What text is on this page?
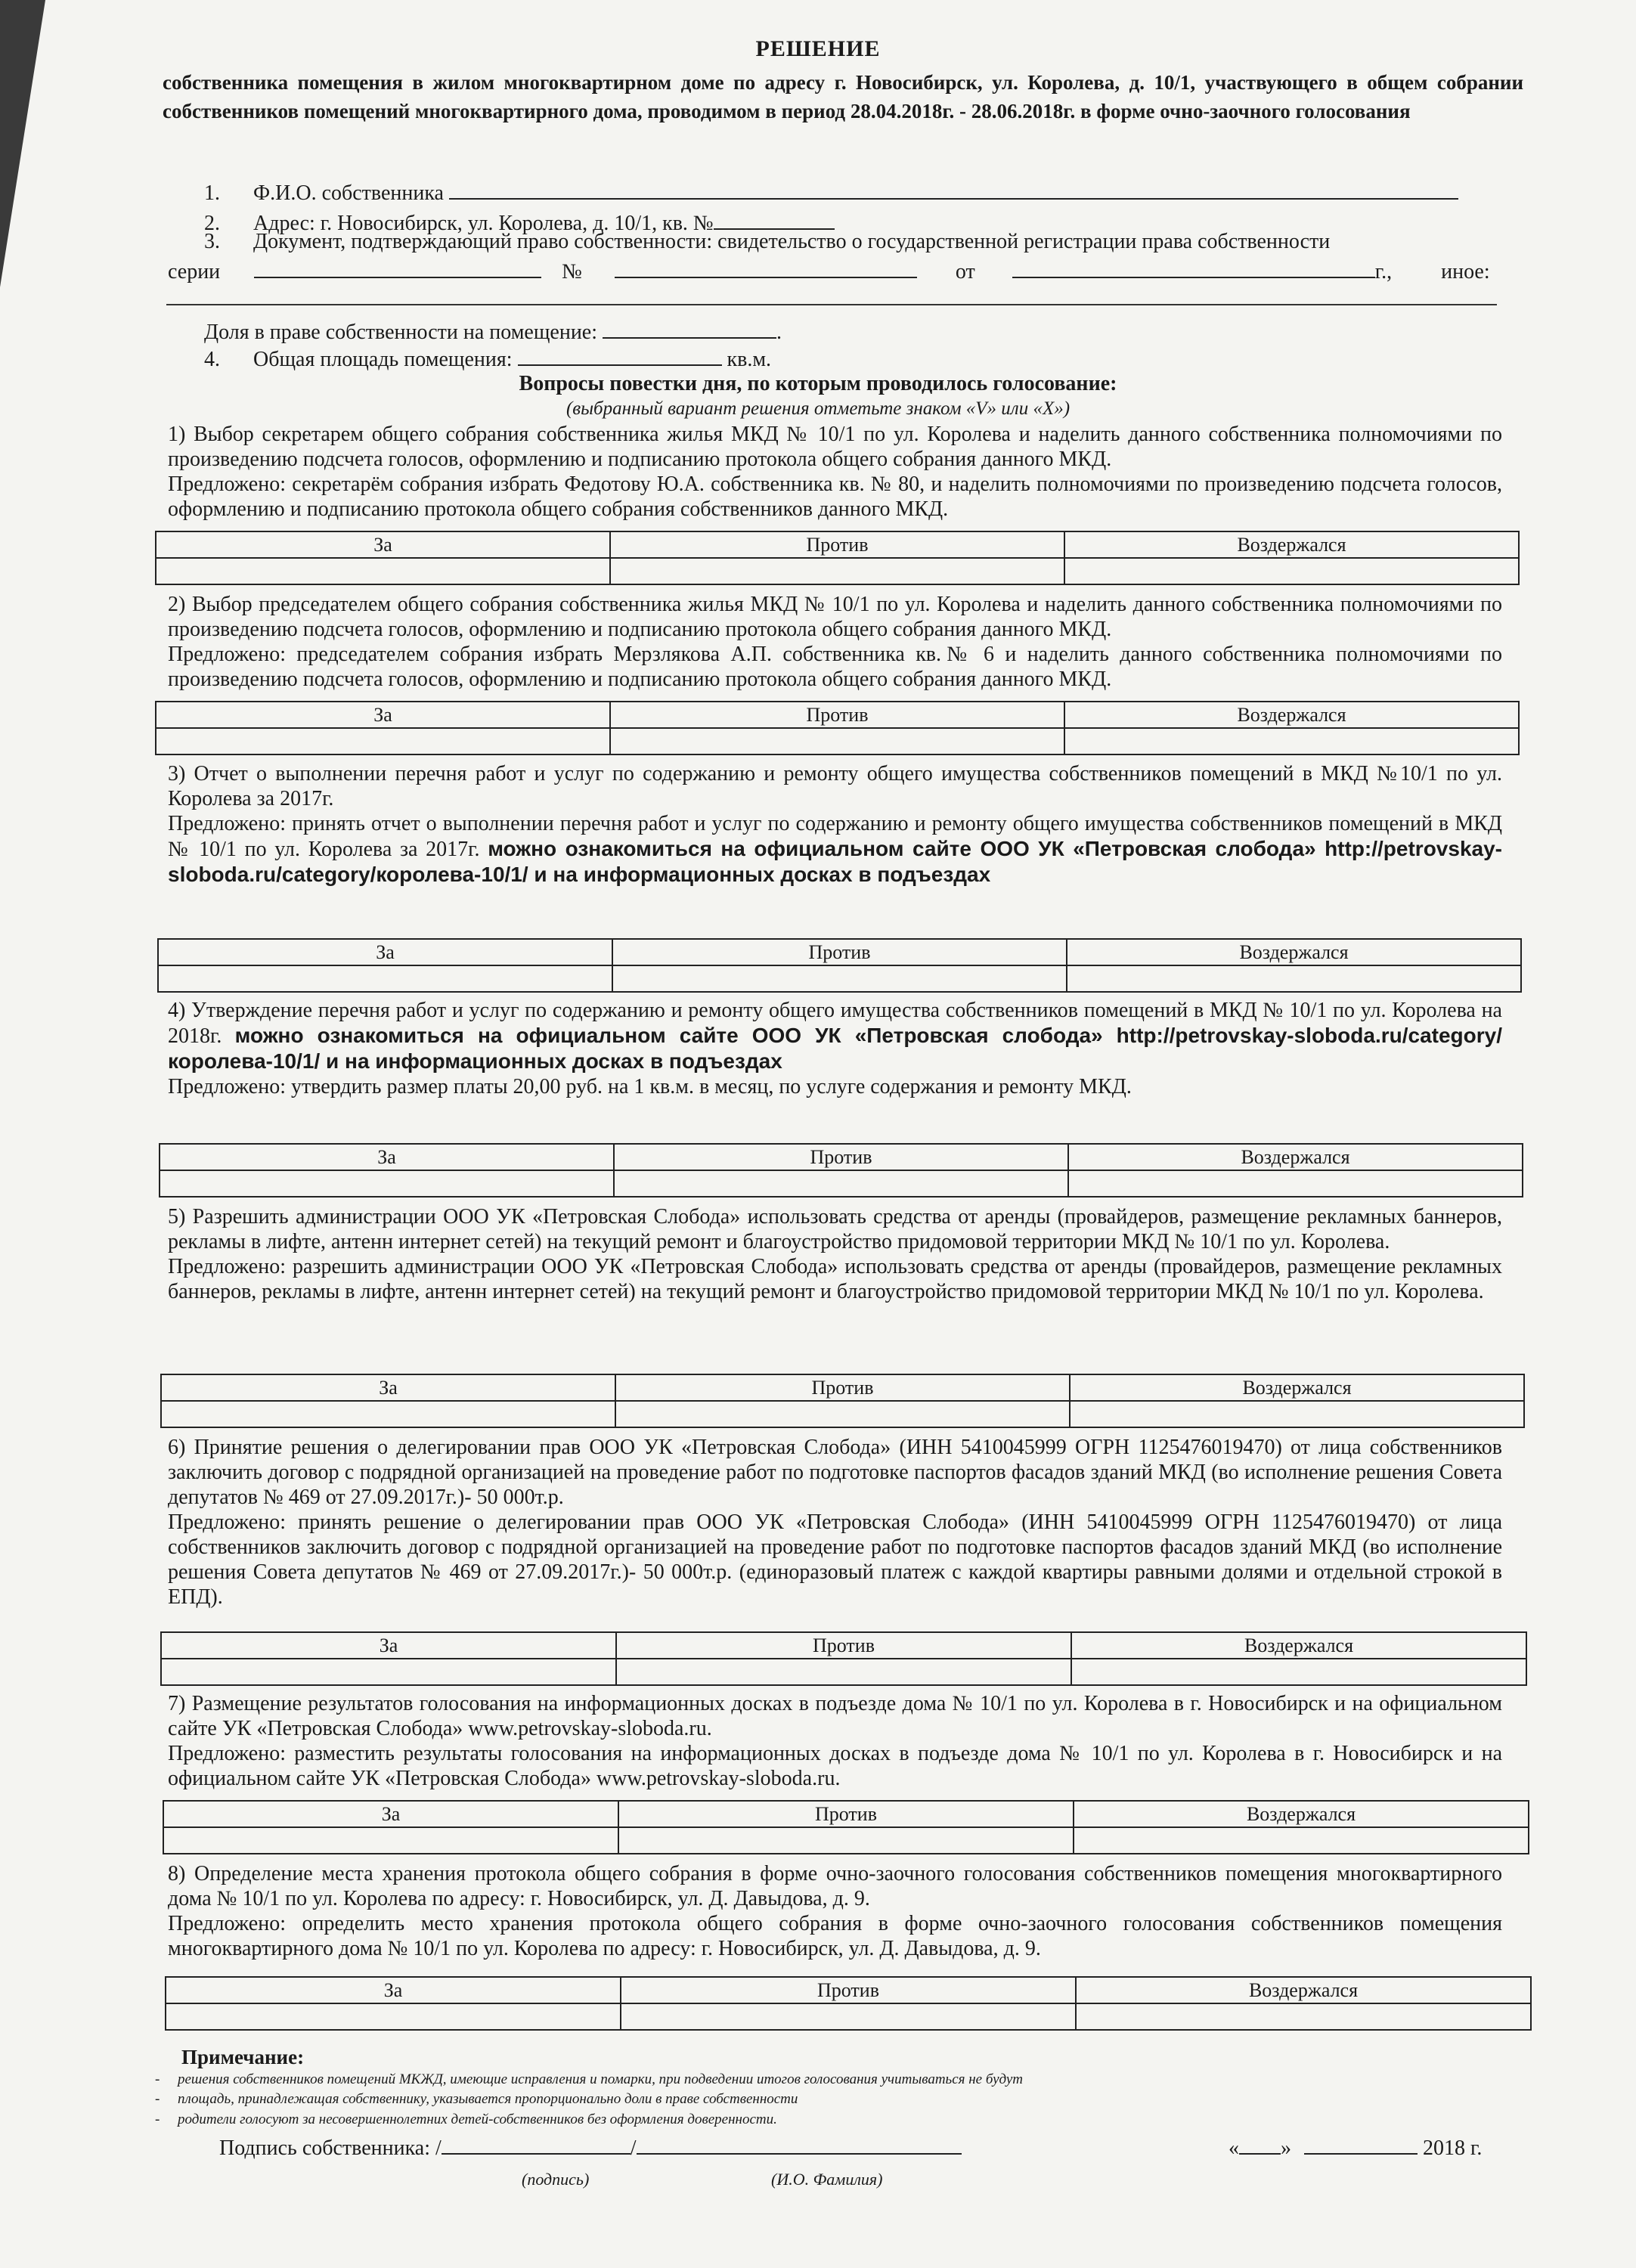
РЕШЕНИЕ
собственника помещения в жилом многоквартирном доме по адресу г. Новосибирск, ул. Королева, д. 10/1, участвующего в общем собрании собственников помещений многоквартирного дома, проводимом в период 28.04.2018г. - 28.06.2018г. в форме очно-заочного голосования
1. Ф.И.О. собственника
2. Адрес: г. Новосибирск, ул. Королева, д. 10/1, кв. №
3. Документ, подтверждающий право собственности: свидетельство о государственной регистрации права собственности
серии	№	от	г., иное:
Доля в праве собственности на помещение:	.
4. Общая площадь помещения:	кв.м.
Вопросы повестки дня, по которым проводилось голосование:
(выбранный вариант решения отметьте знаком «V» или «X»)
1) Выбор секретарем общего собрания собственника жилья МКД № 10/1 по ул. Королева и наделить данного собственника полномочиями по произведению подсчета голосов, оформлению и подписанию протокола общего собрания данного МКД.
Предложено: секретарём собрания избрать Федотову Ю.А. собственника кв. № 80, и наделить полномочиями по произведению подсчета голосов, оформлению и подписанию протокола общего собрания собственников данного МКД.
За	Против	Воздержался

2) Выбор председателем общего собрания собственника жилья МКД № 10/1 по ул. Королева и наделить данного собственника полномочиями по произведению подсчета голосов, оформлению и подписанию протокола общего собрания данного МКД.
Предложено: председателем собрания избрать Мерзлякова А.П. собственника кв.№ 6 и наделить данного собственника полномочиями по произведению подсчета голосов, оформлению и подписанию протокола общего собрания данного МКД.
За	Против	Воздержался

3) Отчет о выполнении перечня работ и услуг по содержанию и ремонту общего имущества собственников помещений в МКД №10/1 по ул. Королева за 2017г.
Предложено: принять отчет о выполнении перечня работ и услуг по содержанию и ремонту общего имущества собственников помещений в МКД № 10/1 по ул. Королева за 2017г. можно ознакомиться на официальном сайте ООО УК «Петровская слобода» http://petrovskay-sloboda.ru/category/королева-10/1/ и на информационных досках в подъездах
За	Против	Воздержался

4) Утверждение перечня работ и услуг по содержанию и ремонту общего имущества собственников помещений в МКД № 10/1 по ул. Королева на 2018г. можно ознакомиться на официальном сайте ООО УК «Петровская слобода» http://petrovskay-sloboda.ru/category/королева-10/1/ и на информационных досках в подъездах
Предложено: утвердить размер платы 20,00 руб. на 1 кв.м. в месяц, по услуге содержания и ремонту МКД.
За	Против	Воздержался

5) Разрешить администрации ООО УК «Петровская Слобода» использовать средства от аренды (провайдеров, размещение рекламных баннеров, рекламы в лифте, антенн интернет сетей) на текущий ремонт и благоустройство придомовой территории МКД № 10/1 по ул. Королева.
Предложено: разрешить администрации ООО УК «Петровская Слобода» использовать средства от аренды (провайдеров, размещение рекламных баннеров, рекламы в лифте, антенн интернет сетей) на текущий ремонт и благоустройство придомовой территории МКД № 10/1 по ул. Королева.
За	Против	Воздержался

6) Принятие решения о делегировании прав ООО УК «Петровская Слобода» (ИНН 5410045999 ОГРН 1125476019470) от лица собственников заключить договор с подрядной организацией на проведение работ по подготовке паспортов фасадов зданий МКД (во исполнение решения Совета депутатов № 469 от 27.09.2017г.)- 50 000т.р.
Предложено: принять решение о делегировании прав ООО УК «Петровская Слобода» (ИНН 5410045999 ОГРН 1125476019470) от лица собственников заключить договор с подрядной организацией на проведение работ по подготовке паспортов фасадов зданий МКД (во исполнение решения Совета депутатов № 469 от 27.09.2017г.)- 50 000т.р. (единоразовый платеж с каждой квартиры равными долями и отдельной строкой в ЕПД).
За	Против	Воздержался

7) Размещение результатов голосования на информационных досках в подъезде дома № 10/1 по ул. Королева в г. Новосибирск и на официальном сайте УК «Петровская Слобода» www.petrovskay-sloboda.ru.
Предложено: разместить результаты голосования на информационных досках в подъезде дома № 10/1 по ул. Королева в г. Новосибирск и на официальном сайте УК «Петровская Слобода» www.petrovskay-sloboda.ru.
За	Против	Воздержался

8) Определение места хранения протокола общего собрания в форме очно-заочного голосования собственников помещения многоквартирного дома № 10/1 по ул. Королева по адресу: г. Новосибирск, ул. Д. Давыдова, д. 9.
Предложено: определить место хранения протокола общего собрания в форме очно-заочного голосования собственников помещения многоквартирного дома № 10/1 по ул. Королева по адресу: г. Новосибирск, ул. Д. Давыдова, д. 9.
За	Против	Воздержался

Примечание:
- решения собственников помещений МКЖД, имеющие исправления и помарки, при подведении итогов голосования учитываться не будут
- площадь, принадлежащая собственнику, указывается пропорционально доли в праве собственности
- родители голосуют за несовершеннолетних детей-собственников без оформления доверенности.
Подпись собственника: /	/	« »	2018 г.
(подпись)	(И.О. Фамилия)
